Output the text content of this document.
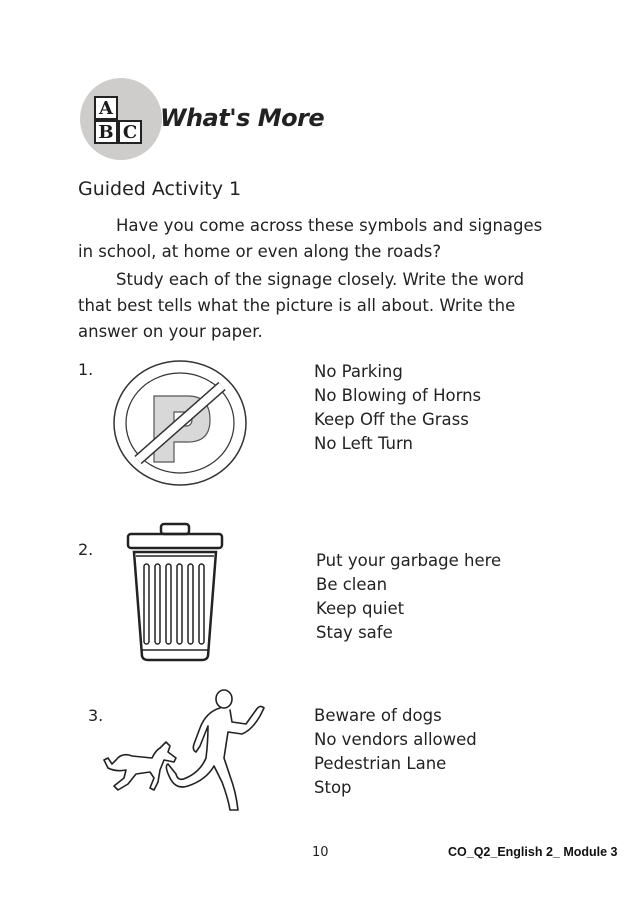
A
B C What's More
Guided Activity 1
Have you come across these symbols and signages
in school, at home or even along the roads?
Study each of the signage closely. Write the word
that best tells what the picture is all about. Write the
answer on your paper.
1.	No Parking
No Blowing of Horns
Keep Off the Grass
No Left Turn
2.
Put your garbage here
Be clean
Keep quiet
Stay safe
3.	Beware of dogs
No vendors allowed
Pedestrian Lane
Stop
10	CO_Q2_English 2_ Module 3
